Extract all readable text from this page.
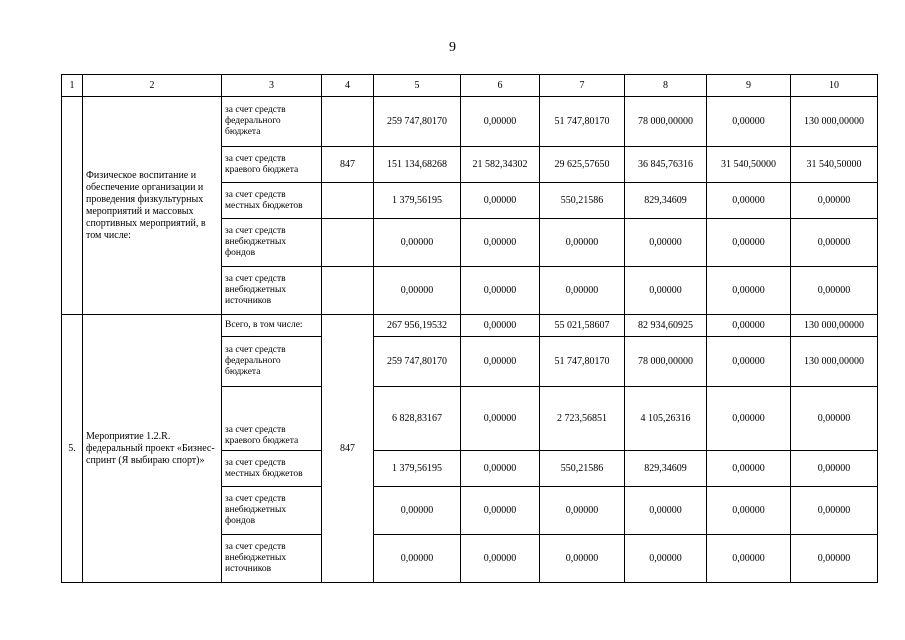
9
1	2	3	4	5	6	7	8	9	10
	Физическое воспитание и обеспечение организации и проведения физкультурных мероприятий и массовых спортивных мероприятий, в том числе:	за счет средств федерального бюджета		259 747,80170	0,00000	51 747,80170	78 000,00000	0,00000	130 000,00000
		за счет средств краевого бюджета	847	151 134,68268	21 582,34302	29 625,57650	36 845,76316	31 540,50000	31 540,50000
		за счет средств местных бюджетов		1 379,56195	0,00000	550,21586	829,34609	0,00000	0,00000
		за счет средств внебюджетных фондов		0,00000	0,00000	0,00000	0,00000	0,00000	0,00000
		за счет средств внебюджетных источников		0,00000	0,00000	0,00000	0,00000	0,00000	0,00000
5.	Мероприятие 1.2.R. федеральный проект «Бизнес-спринт (Я выбираю спорт)»	Всего, в том числе:	847	267 956,19532	0,00000	55 021,58607	82 934,60925	0,00000	130 000,00000
		за счет средств федерального бюджета		259 747,80170	0,00000	51 747,80170	78 000,00000	0,00000	130 000,00000
		за счет средств краевого бюджета		6 828,83167	0,00000	2 723,56851	4 105,26316	0,00000	0,00000
		за счет средств местных бюджетов		1 379,56195	0,00000	550,21586	829,34609	0,00000	0,00000
		за счет средств внебюджетных фондов		0,00000	0,00000	0,00000	0,00000	0,00000	0,00000
		за счет средств внебюджетных источников		0,00000	0,00000	0,00000	0,00000	0,00000	0,00000
